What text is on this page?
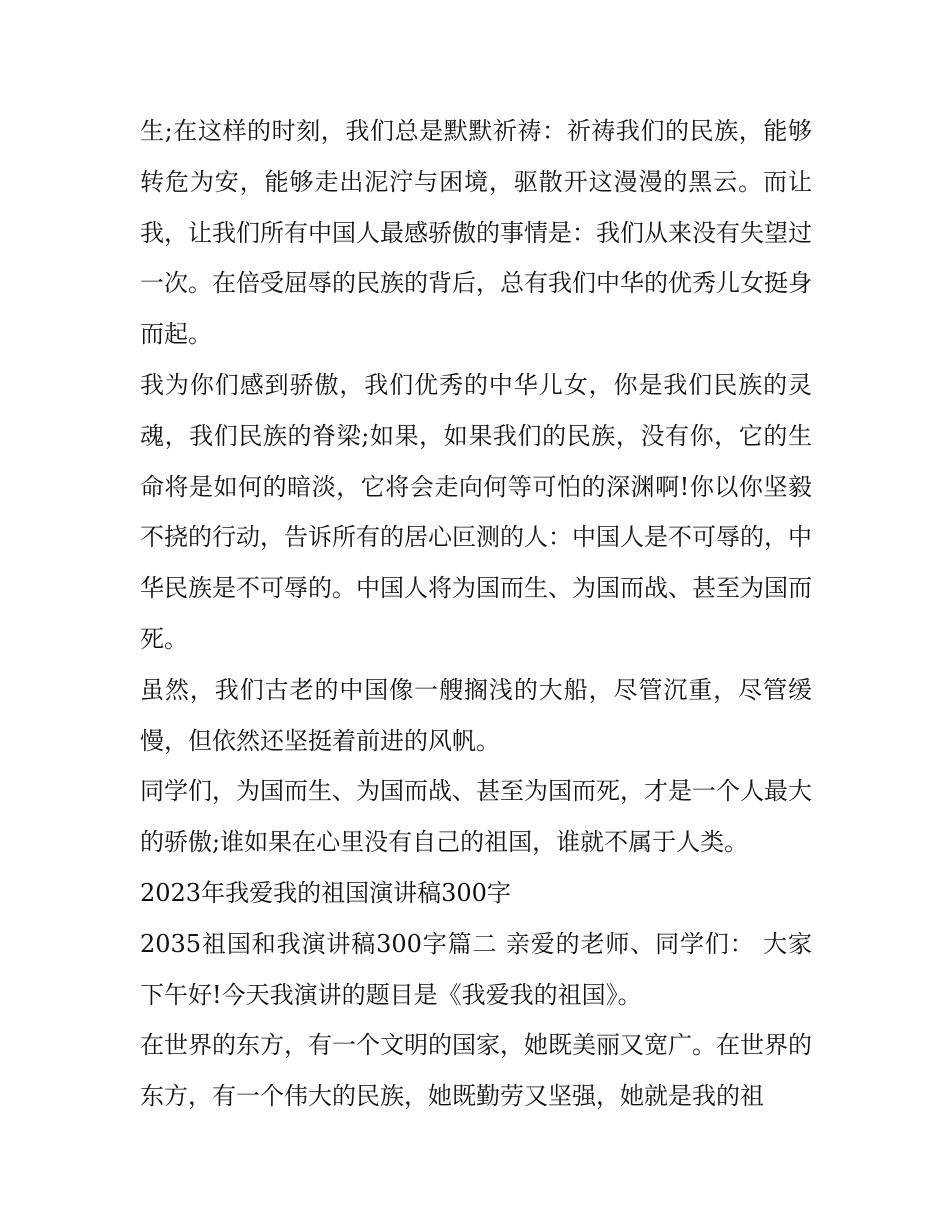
生;在这样的时刻，我们总是默默祈祷：祈祷我们的民族，能够转危为安，能够走出泥泞与困境，驱散开这漫漫的黑云。而让我，让我们所有中国人最感骄傲的事情是：我们从来没有失望过一次。在倍受屈辱的民族的背后，总有我们中华的优秀儿女挺身而起。

我为你们感到骄傲，我们优秀的中华儿女，你是我们民族的灵魂，我们民族的脊梁;如果，如果我们的民族，没有你，它的生命将是如何的暗淡，它将会走向何等可怕的深渊啊!你以你坚毅不挠的行动，告诉所有的居心叵测的人：中国人是不可辱的，中华民族是不可辱的。中国人将为国而生、为国而战、甚至为国而死。

虽然，我们古老的中国像一艘搁浅的大船，尽管沉重，尽管缓慢，但依然还坚挺着前进的风帆。

同学们，为国而生、为国而战、甚至为国而死，才是一个人最大的骄傲;谁如果在心里没有自己的祖国，谁就不属于人类。

2023年我爱我的祖国演讲稿300字

2035祖国和我演讲稿300字篇二 亲爱的老师、同学们： 大家下午好!今天我演讲的题目是《我爱我的祖国》。

在世界的东方，有一个文明的国家，她既美丽又宽广。在世界的东方，有一个伟大的民族，她既勤劳又坚强，她就是我的祖
